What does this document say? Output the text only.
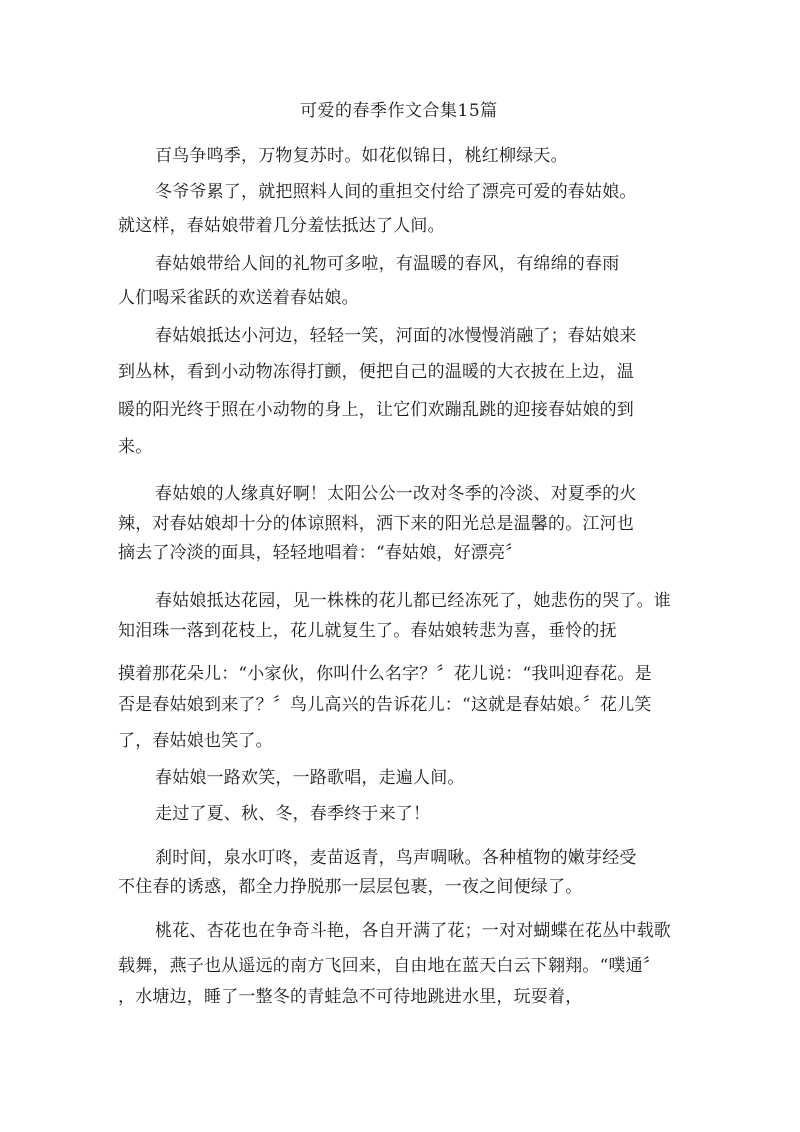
可爱的春季作文合集15篇
百鸟争鸣季，万物复苏时。如花似锦日，桃红柳绿天。
冬爷爷累了，就把照料人间的重担交付给了漂亮可爱的春姑娘。
就这样，春姑娘带着几分羞怯抵达了人间。
春姑娘带给人间的礼物可多啦，有温暖的春风，有绵绵的春雨
人们喝采雀跃的欢送着春姑娘。
春姑娘抵达小河边，轻轻一笑，河面的冰慢慢消融了；春姑娘来
到丛林，看到小动物冻得打颤，便把自己的温暖的大衣披在上边，温
暖的阳光终于照在小动物的身上，让它们欢蹦乱跳的迎接春姑娘的到
来。
春姑娘的人缘真好啊！太阳公公一改对冬季的冷淡、对夏季的火
辣，对春姑娘却十分的体谅照料，洒下来的阳光总是温馨的。江河也
摘去了冷淡的面具，轻轻地唱着：“春姑娘，好漂亮〞
春姑娘抵达花园，见一株株的花儿都已经冻死了，她悲伤的哭了。谁
知泪珠一落到花枝上，花儿就复生了。春姑娘转悲为喜，垂怜的抚
摸着那花朵儿：“小家伙，你叫什么名字？〞花儿说：“我叫迎春花。是
否是春姑娘到来了？〞鸟儿高兴的告诉花儿：“这就是春姑娘。〞花儿笑
了，春姑娘也笑了。
春姑娘一路欢笑，一路歌唱，走遍人间。
走过了夏、秋、冬，春季终于来了！
刹时间，泉水叮咚，麦苗返青，鸟声啁啾。各种植物的嫩芽经受
不住春的诱惑，都全力挣脱那一层层包裹，一夜之间便绿了。
桃花、杏花也在争奇斗艳，各自开满了花；一对对蝴蝶在花丛中载歌
载舞，燕子也从遥远的南方飞回来，自由地在蓝天白云下翱翔。“噗通〞
，水塘边，睡了一整冬的青蛙急不可待地跳进水里，玩耍着，
